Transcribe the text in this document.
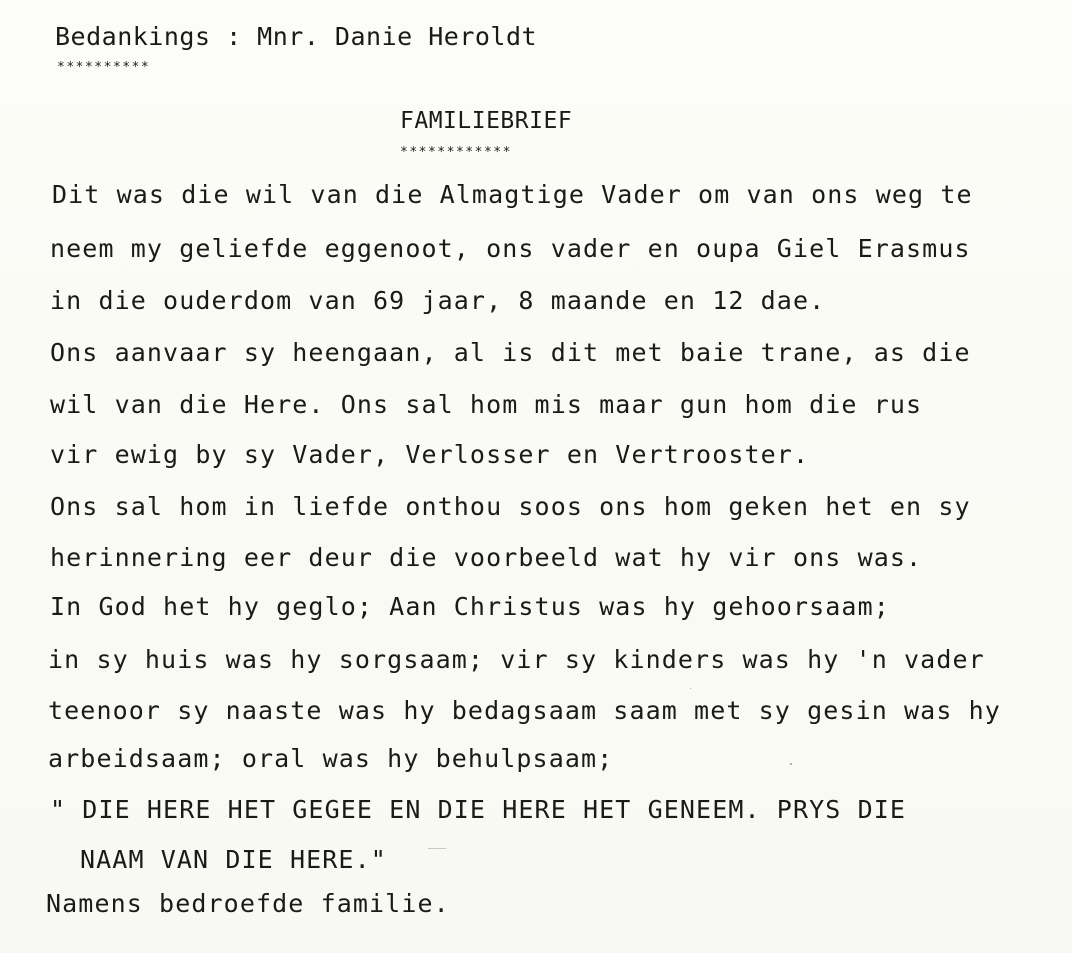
Bedankings : Mnr. Danie Heroldt
**********
FAMILIEBRIEF
************
Dit was die wil van die Almagtige Vader om van ons weg te
neem my geliefde eggenoot, ons vader en oupa Giel Erasmus
in die ouderdom van 69 jaar, 8 maande en 12 dae.
Ons aanvaar sy heengaan, al is dit met baie trane, as die
wil van die Here. Ons sal hom mis maar gun hom die rus
vir ewig by sy Vader, Verlosser en Vertrooster.
Ons sal hom in liefde onthou soos ons hom geken het en sy
herinnering eer deur die voorbeeld wat hy vir ons was.
In God het hy geglo; Aan Christus was hy gehoorsaam;
in sy huis was hy sorgsaam; vir sy kinders was hy 'n vader
teenoor sy naaste was hy bedagsaam saam met sy gesin was hy
arbeidsaam; oral was hy behulpsaam;
" DIE HERE HET GEGEE EN DIE HERE HET GENEEM. PRYS DIE
NAAM VAN DIE HERE."
Namens bedroefde familie.
